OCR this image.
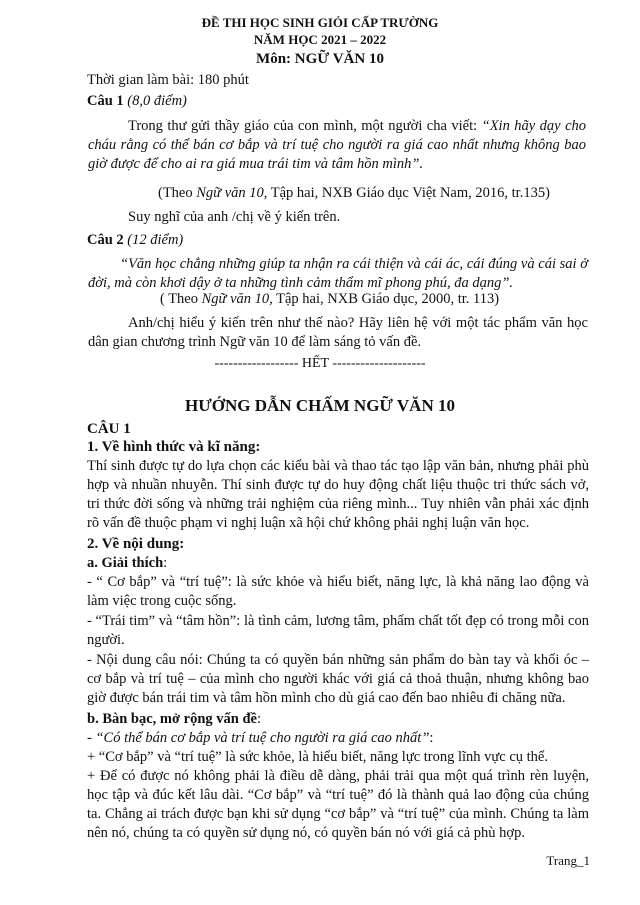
ĐỀ THI HỌC SINH GIỎI CẤP TRƯỜNG
NĂM HỌC 2021 – 2022
Môn: NGỮ VĂN 10
Thời gian làm bài: 180 phút
Câu 1 (8,0 điểm)
Trong thư gửi thầy giáo của con mình, một người cha viết: “Xin hãy dạy cho cháu rằng có thể bán cơ bắp và trí tuệ cho người ra giá cao nhất nhưng không bao giờ được để cho ai ra giá mua trái tim và tâm hồn mình”.
(Theo Ngữ văn 10, Tập hai, NXB Giáo dục Việt Nam, 2016, tr.135)
Suy nghĩ của anh /chị về ý kiến trên.
Câu 2 (12 điểm)
“Văn học chẳng những giúp ta nhận ra cái thiện và cái ác, cái đúng và cái sai ở đời, mà còn khơi dậy ở ta những tình cảm thẩm mĩ phong phú, đa dạng”.
( Theo Ngữ văn 10, Tập hai, NXB Giáo dục, 2000, tr. 113)
Anh/chị hiểu ý kiến trên như thế nào? Hãy liên hệ với một tác phẩm văn học dân gian chương trình Ngữ văn 10 để làm sáng tỏ vấn đề.
------------------ HẾT --------------------
HƯỚNG DẪN CHẤM NGỮ VĂN 10
CÂU 1
1. Về hình thức và kĩ năng:
Thí sinh được tự do lựa chọn các kiểu bài và thao tác tạo lập văn bản, nhưng phải phù hợp và nhuần nhuyễn. Thí sinh được tự do huy động chất liệu thuộc tri thức sách vở, tri thức đời sống và những trải nghiệm của riêng mình... Tuy nhiên vẫn phải xác định rõ vấn đề thuộc phạm vi nghị luận xã hội chứ không phải nghị luận văn học.
2. Về nội dung:
a. Giải thích:
- “ Cơ bắp” và “trí tuệ”: là sức khỏe và hiểu biết, năng lực, là khả năng lao động và làm việc trong cuộc sống.
- “Trái tim” và “tâm hồn”: là tình cảm, lương tâm, phẩm chất tốt đẹp có trong mỗi con người.
- Nội dung câu nói: Chúng ta có quyền bán những sản phẩm do bàn tay và khối óc – cơ bắp và trí tuệ – của mình cho người khác với giá cả thoả thuận, nhưng không bao giờ được bán trái tim và tâm hồn mình cho dù giá cao đến bao nhiêu đi chăng nữa.
b. Bàn bạc, mở rộng vấn đề:
- “Có thể bán cơ bắp và trí tuệ cho người ra giá cao nhất”:
+ “Cơ bắp” và “trí tuệ” là sức khỏe, là hiểu biết, năng lực trong lĩnh vực cụ thể.
+ Để có được nó không phải là điều dễ dàng, phải trải qua một quá trình rèn luyện, học tập và đúc kết lâu dài. “Cơ bắp” và “trí tuệ” đó là thành quả lao động của chúng ta. Chẳng ai trách được bạn khi sử dụng “cơ bắp” và “trí tuệ” của mình. Chúng ta làm nên nó, chúng ta có quyền sử dụng nó, có quyền bán nó với giá cả phù hợp.
Trang_1
